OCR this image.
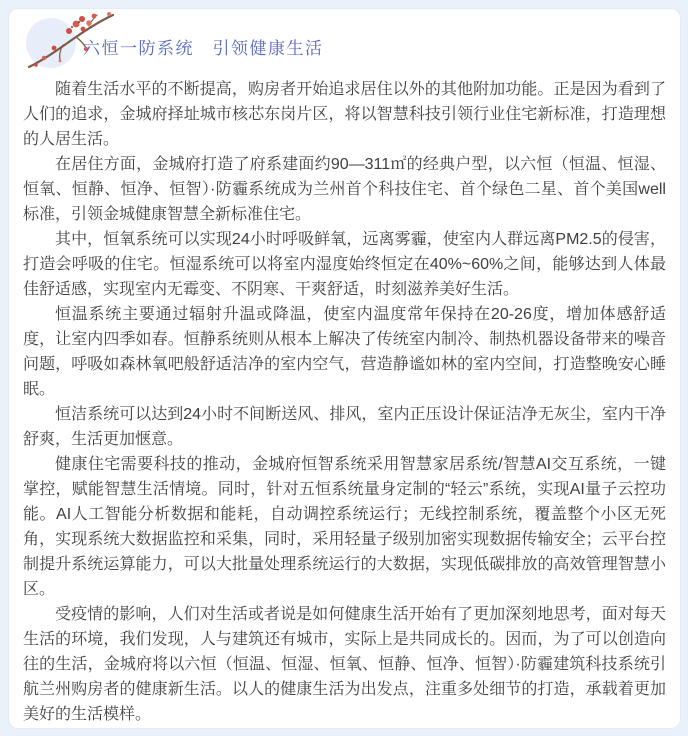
六恒一防系统　引领健康生活

随着生活水平的不断提高，购房者开始追求居住以外的其他附加功能。正是因为看到了人们的追求，金城府择址城市核芯东岗片区，将以智慧科技引领行业住宅新标准，打造理想的人居生活。

在居住方面，金城府打造了府系建面约90—311㎡的经典户型，以六恒（恒温、恒湿、恒氧、恒静、恒净、恒智）·防霾系统成为兰州首个科技住宅、首个绿色二星、首个美国well标准，引领金城健康智慧全新标准住宅。

其中，恒氧系统可以实现24小时呼吸鲜氧，远离雾霾，使室内人群远离PM2.5的侵害，打造会呼吸的住宅。恒湿系统可以将室内湿度始终恒定在40%~60%之间，能够达到人体最佳舒适感，实现室内无霉变、不阴寒、干爽舒适，时刻滋养美好生活。

恒温系统主要通过辐射升温或降温，使室内温度常年保持在20-26度，增加体感舒适度，让室内四季如春。恒静系统则从根本上解决了传统室内制冷、制热机器设备带来的噪音问题，呼吸如森林氧吧般舒适洁净的室内空气，营造静谧如林的室内空间，打造整晚安心睡眠。

恒洁系统可以达到24小时不间断送风、排风，室内正压设计保证洁净无灰尘，室内干净舒爽，生活更加惬意。

健康住宅需要科技的推动，金城府恒智系统采用智慧家居系统/智慧AI交互系统，一键掌控，赋能智慧生活情境。同时，针对五恒系统量身定制的“轻云”系统，实现AI量子云控功能。AI人工智能分析数据和能耗，自动调控系统运行；无线控制系统，覆盖整个小区无死角，实现系统大数据监控和采集，同时，采用轻量子级别加密实现数据传输安全；云平台控制提升系统运算能力，可以大批量处理系统运行的大数据，实现低碳排放的高效管理智慧小区。

受疫情的影响，人们对生活或者说是如何健康生活开始有了更加深刻地思考，面对每天生活的环境，我们发现，人与建筑还有城市，实际上是共同成长的。因而，为了可以创造向往的生活，金城府将以六恒（恒温、恒湿、恒氧、恒静、恒净、恒智）·防霾建筑科技系统引航兰州购房者的健康新生活。以人的健康生活为出发点，注重多处细节的打造，承载着更加美好的生活模样。
